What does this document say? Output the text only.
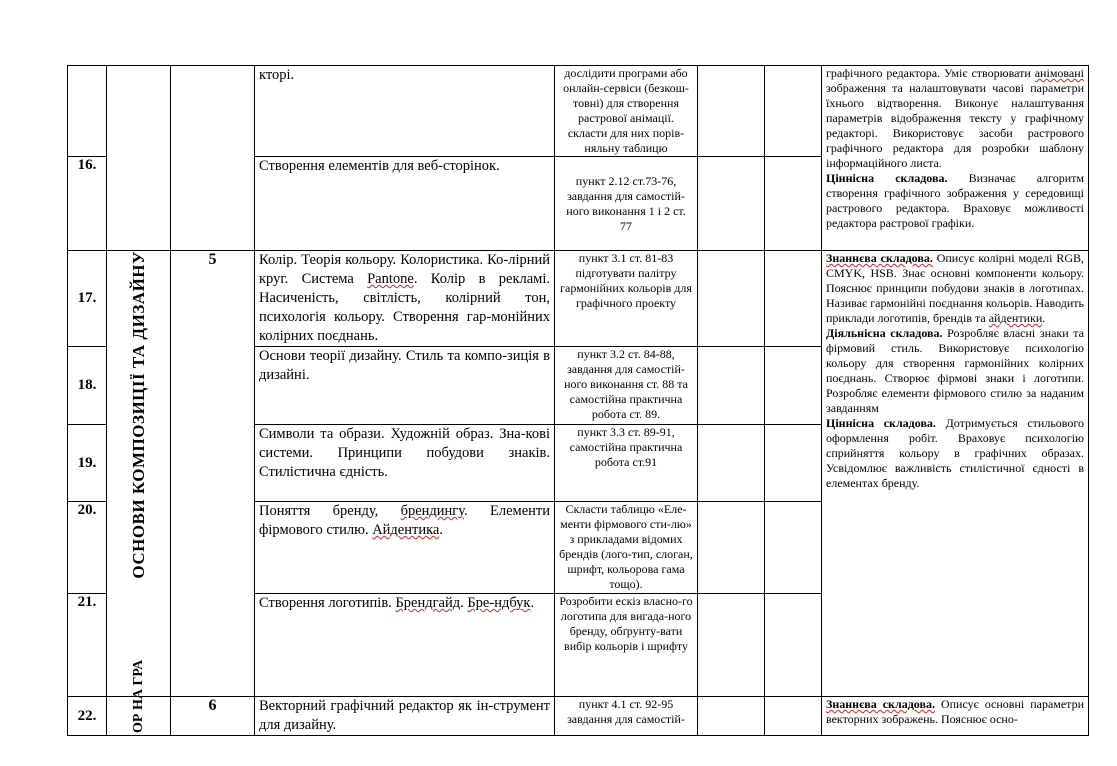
			кторі.	дослідити програми або онлайн-сервіси (безкош-товні) для створення растрової анімації. скласти для них порів-няльну таблицю			графічного редактора. Уміє створювати анімовані зображення та налаштовувати часові параметри їхнього відтворення. Виконує налаштування параметрів відображення тексту у графічному редакторі. Використовує засоби растрового графічного редактора для розробки шаблону інформаційного листа.
Ціннісна складова. Визначає алгоритм створення графічного зображення у середовищі растрового редактора. Враховує можливості редактора растрової графіки.
16.			Створення елементів для веб-сторінок.	пункт 2.12 ст.73-76, завдання для самостій-ного виконання 1 і 2 ст. 77			
17.	ОСНОВИ КОМПОЗИЦІЇ ТА ДИЗАЙНУ	5	Колір. Теорія кольору. Колористика. Ко-лірний круг. Система Pantone. Колір в рекламі. Насиченість, світлість, колірний тон, психологія кольору. Створення гар-монійних колірних поєднань.	пункт 3.1 ст. 81-83 підготувати палітру гармонійних кольорів для графічного проекту			Знаннєва складова. Описує колірні моделі RGB, CMYK, HSB. Знає основні компоненти кольору. Пояснює принципи побудови знаків в логотипах. Називає гармонійні поєднання кольорів. Наводить приклади логотипів, брендів та айдентики.
Діяльнісна складова. Розробляє власні знаки та фірмовий стиль. Використовує психологію кольору для створення гармонійних колірних поєднань. Створює фірмові знаки і логотипи. Розробляє елементи фірмового стилю за наданим завданням
Ціннісна складова. Дотримується стильового оформлення робіт. Враховує психологію сприйняття кольору в графічних образах. Усвідомлює важливість стилістичної єдності в елементах бренду.
18.			Основи теорії дизайну. Стиль та компо-зиція в дизайні.	пункт 3.2 ст. 84-88, завдання для самостій-ного виконання ст. 88 та самостійна практична робота ст. 89.			
19.			Символи та образи. Художній образ. Зна-кові системи. Принципи побудови знаків. Стилістична єдність.	пункт 3.3 ст. 89-91, самостійна практична робота ст.91			
20.			Поняття бренду, брендингу. Елементи фірмового стилю. Айдентика.	Скласти таблицю «Еле-менти фірмового сти-лю» з прикладами відомих брендів (лого-тип, слоган, шрифт, кольорова гама тощо).			
21.			Створення логотипів. Брендгайд. Бре-ндбук.	Розробити ескіз власно-го логотипа для вигада-ного бренду, обґрунту-вати вибір кольорів і шрифту			
22.	ОР НА ГРА	6	Векторний графічний редактор як ін-струмент для дизайну.	пункт 4.1 ст. 92-95 завдання для самостій-			Знаннєва складова. Описує основні параметри векторних зображень. Пояснює осно-
